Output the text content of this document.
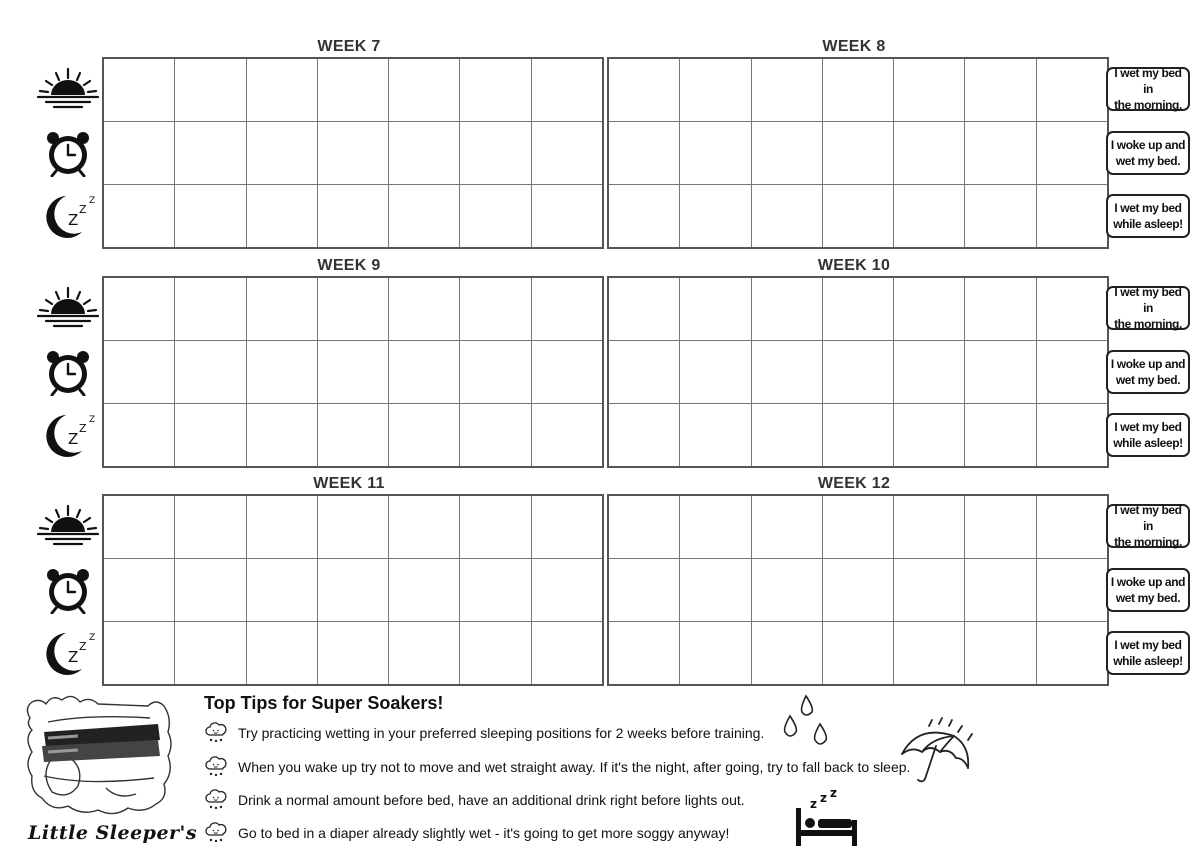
WEEK 7	WEEK 8
WEEK 9	WEEK 10
WEEK 11	WEEK 12

I wet my bed in
the morning.
I woke up and
wet my bed.
I wet my bed
while asleep!
I wet my bed in
the morning.
I woke up and
wet my bed.
I wet my bed
while asleep!
I wet my bed in
the morning.
I woke up and
wet my bed.
I wet my bed
while asleep!
Little Sleeper's
Top Tips for Super Soakers!
Try practicing wetting in your preferred sleeping positions for 2 weeks before training.
When you wake up try not to move and wet straight away. If it's the night, after going, try to fall back to sleep.
Drink a normal amount before bed, have an additional drink right before lights out.
Go to bed in a diaper already slightly wet - it's going to get more soggy anyway!
z z z
